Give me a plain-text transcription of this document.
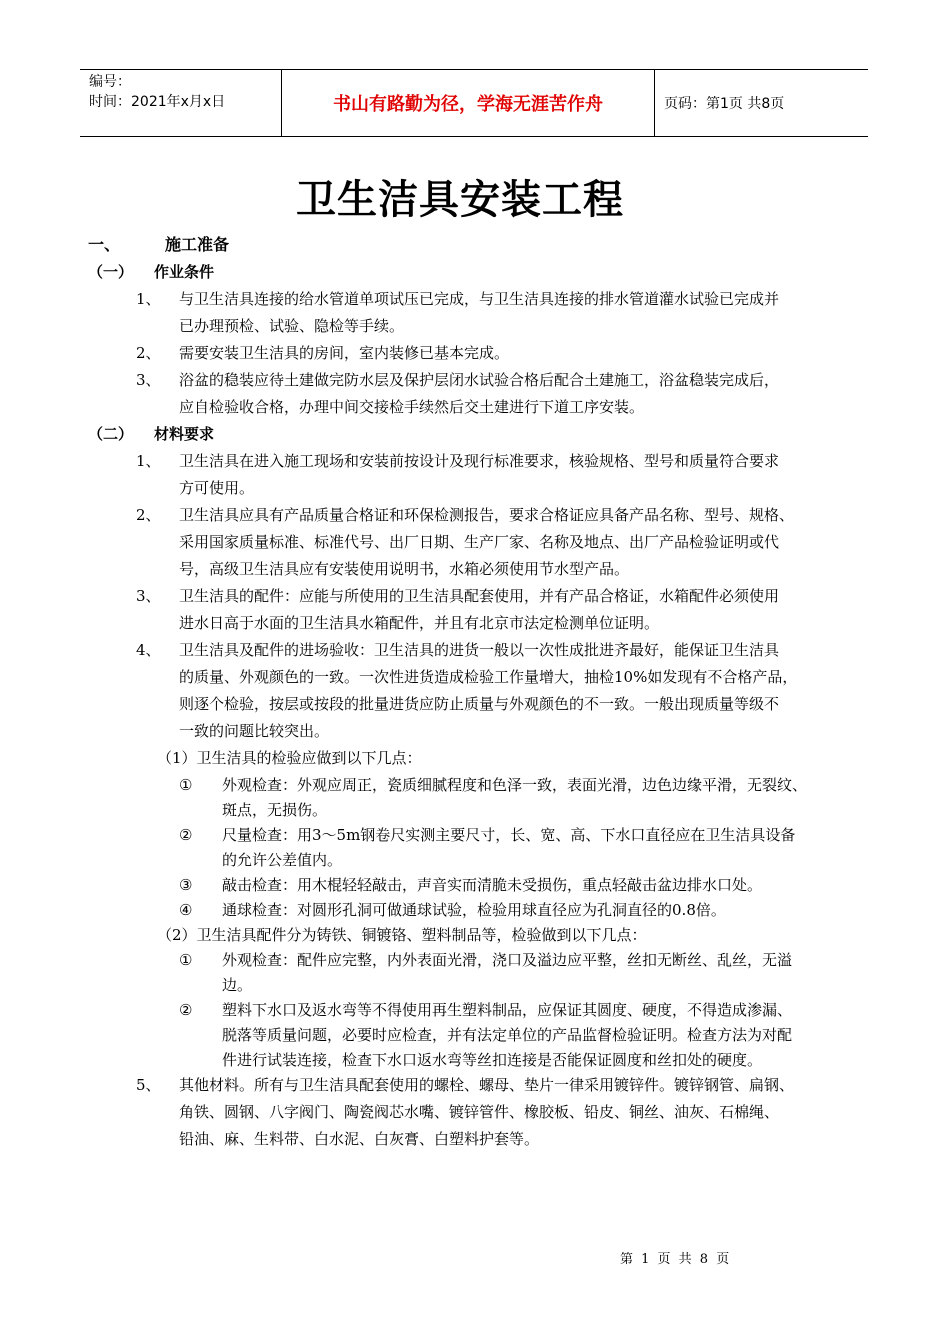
编号：
时间：2021年x月x日	书山有路勤为径，学海无涯苦作舟	页码：第1页 共8页
卫生洁具安装工程
一、	施工准备
（一） 作业条件
1、 与卫生洁具连接的给水管道单项试压已完成，与卫生洁具连接的排水管道灌水试验已完成并
已办理预检、试验、隐检等手续。
2、 需要安装卫生洁具的房间，室内装修已基本完成。
3、 浴盆的稳装应待土建做完防水层及保护层闭水试验合格后配合土建施工，浴盆稳装完成后，
应自检验收合格，办理中间交接检手续然后交土建进行下道工序安装。
（二） 材料要求
1、 卫生洁具在进入施工现场和安装前按设计及现行标准要求，核验规格、型号和质量符合要求
方可使用。
2、 卫生洁具应具有产品质量合格证和环保检测报告，要求合格证应具备产品名称、型号、规格、
采用国家质量标准、标准代号、出厂日期、生产厂家、名称及地点、出厂产品检验证明或代
号，高级卫生洁具应有安装使用说明书，水箱必须使用节水型产品。
3、 卫生洁具的配件：应能与所使用的卫生洁具配套使用，并有产品合格证，水箱配件必须使用
进水日高于水面的卫生洁具水箱配件，并且有北京市法定检测单位证明。
4、 卫生洁具及配件的进场验收：卫生洁具的进货一般以一次性成批进齐最好，能保证卫生洁具
的质量、外观颜色的一致。一次性进货造成检验工作量增大，抽检10%如发现有不合格产品，
则逐个检验，按层或按段的批量进货应防止质量与外观颜色的不一致。一般出现质量等级不
一致的问题比较突出。
（1）卫生洁具的检验应做到以下几点：
① 外观检查：外观应周正，瓷质细腻程度和色泽一致，表面光滑，边色边缘平滑，无裂纹、
斑点，无损伤。
② 尺量检查：用3～5m钢卷尺实测主要尺寸，长、宽、高、下水口直径应在卫生洁具设备
的允许公差值内。
③ 敲击检查：用木棍轻轻敲击，声音实而清脆未受损伤，重点轻敲击盆边排水口处。
④ 通球检查：对圆形孔洞可做通球试验，检验用球直径应为孔洞直径的0.8倍。
（2）卫生洁具配件分为铸铁、铜镀铬、塑料制品等，检验做到以下几点：
① 外观检查：配件应完整，内外表面光滑，浇口及溢边应平整，丝扣无断丝、乱丝，无溢
边。
② 塑料下水口及返水弯等不得使用再生塑料制品，应保证其圆度、硬度，不得造成渗漏、
脱落等质量问题，必要时应检查，并有法定单位的产品监督检验证明。检查方法为对配
件进行试装连接，检查下水口返水弯等丝扣连接是否能保证圆度和丝扣处的硬度。
5、 其他材料。所有与卫生洁具配套使用的螺栓、螺母、垫片一律采用镀锌件。镀锌钢管、扁钢、
角铁、圆钢、八字阀门、陶瓷阀芯水嘴、镀锌管件、橡胶板、铅皮、铜丝、油灰、石棉绳、
铅油、麻、生料带、白水泥、白灰膏、白塑料护套等。
第 1 页 共 8 页
